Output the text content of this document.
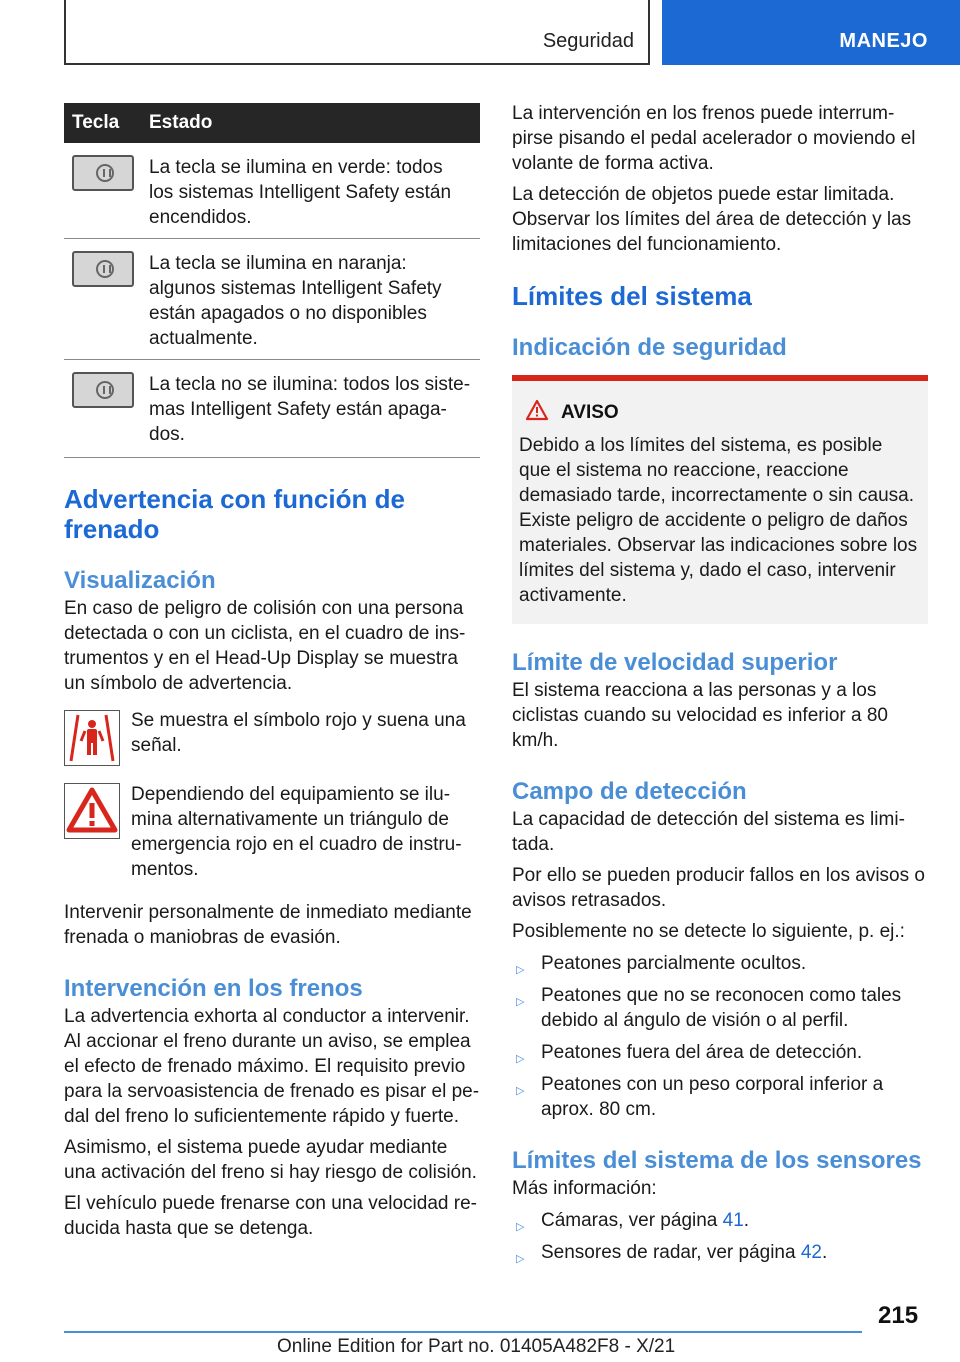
Seguridad	MANEJO
Tecla	Estado

	La tecla se ilumina en verde: todos los sistemas Intelligent Safety están encendidos.

	La tecla se ilumina en naranja: algunos sistemas Intelligent Safety están apagados o no disponibles actualmente.

	La tecla no se ilumina: todos los sistemas Intelligent Safety están apagados.
Advertencia con función de frenado
Visualización

En caso de peligro de colisión con una persona detectada o con un ciclista, en el cuadro de instrumentos y en el Head-Up Display se muestra un símbolo de advertencia.

Se muestra el símbolo rojo y suena una señal.

Dependiendo del equipamiento se ilumina alternativamente un triángulo de emergencia rojo en el cuadro de instrumentos.

Intervenir personalmente de inmediato mediante frenada o maniobras de evasión.

Intervención en los frenos

La advertencia exhorta al conductor a intervenir. Al accionar el freno durante un aviso, se emplea el efecto de frenado máximo. El requisito previo para la servoasistencia de frenado es pisar el pedal del freno lo suficientemente rápido y fuerte.

Asimismo, el sistema puede ayudar mediante una activación del freno si hay riesgo de colisión.

El vehículo puede frenarse con una velocidad reducida hasta que se detenga.

La intervención en los frenos puede interrumpirse pisando el pedal acelerador o moviendo el volante de forma activa.

La detección de objetos puede estar limitada. Observar los límites del área de detección y las limitaciones del funcionamiento.

Límites del sistema
Indicación de seguridad
AVISO

Debido a los límites del sistema, es posible que el sistema no reaccione, reaccione demasiado tarde, incorrectamente o sin causa. Existe peligro de accidente o peligro de daños materiales. Observar las indicaciones sobre los límites del sistema y, dado el caso, intervenir activamente.

Límite de velocidad superior

El sistema reacciona a las personas y a los ciclistas cuando su velocidad es inferior a 80 km/h.

Campo de detección

La capacidad de detección del sistema es limitada.

Por ello se pueden producir fallos en los avisos o avisos retrasados.

Posiblemente no se detecte lo siguiente, p. ej.:

▷ Peatones parcialmente ocultos.
▷ Peatones que no se reconocen como tales debido al ángulo de visión o al perfil.
▷ Peatones fuera del área de detección.
▷ Peatones con un peso corporal inferior a aprox. 80 cm.
Límites del sistema de los sensores

Más información:

▷ Cámaras, ver página 41.
▷ Sensores de radar, ver página 42.
215
Online Edition for Part no. 01405A482F8 - X/21
